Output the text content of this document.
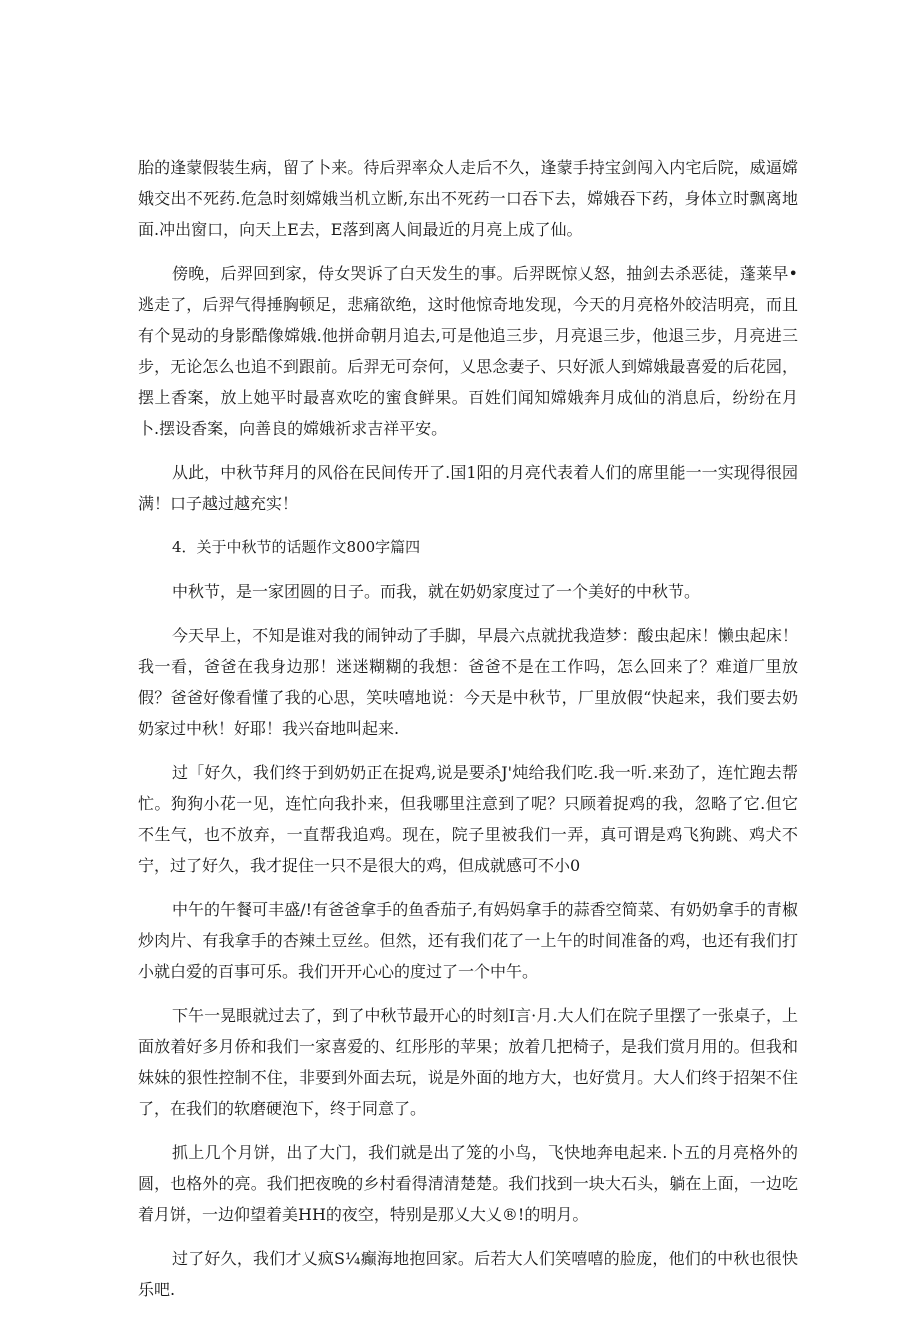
胎的逢蒙假装生病，留了卜来。待后羿率众人走后不久，逢蒙手持宝剑闯入内宅后院，威逼嫦娥交出不死药.危急时刻嫦娥当机立断,东出不死药一口吞下去，嫦娥吞下药，身体立时飘离地面.冲出窗口，向天上E去，E落到离人间最近的月亮上成了仙。

傍晚，后羿回到家，侍女哭诉了白天发生的事。后羿既惊乂怒，抽剑去杀恶徒，蓬莱早•逃走了，后羿气得捶胸顿足，悲痛欲绝，这时他惊奇地发现，今天的月亮格外皎洁明亮，而且有个晃动的身影酷像嫦娥.他拼命朝月追去,可是他追三步，月亮退三步，他退三步，月亮进三步，无论怎么也追不到跟前。后羿无可奈何，乂思念妻子、只好派人到嫦娥最喜爱的后花园，摆上香案，放上她平时最喜欢吃的蜜食鲜果。百姓们闻知嫦娥奔月成仙的消息后，纷纷在月卜.摆设香案，向善良的嫦娥祈求吉祥平安。

从此，中秋节拜月的风俗在民间传开了.国1阳的月亮代表着人们的席里能一一实现得很园满！口子越过越充实！

4．关于中秋节的话题作文800字篇四

中秋节，是一家团圆的日子。而我，就在奶奶家度过了一个美好的中秋节。

今天早上，不知是谁对我的闹钟动了手脚，早晨六点就扰我造梦：酸虫起床！懒虫起床！我一看，爸爸在我身边那！迷迷糊糊的我想：爸爸不是在工作吗，怎么回来了？难道厂里放假？爸爸好像看懂了我的心思，笑呋嘻地说：今天是中秋节，厂里放假“快起来，我们要去奶奶家过中秋！好耶！我兴奋地叫起来.

过「好久，我们终于到奶奶正在捉鸡,说是要杀J'炖给我们吃.我一听.来劲了，连忙跑去帮忙。狗狗小花一见，连忙向我扑来，但我哪里注意到了呢？只顾着捉鸡的我，忽略了它.但它不生气，也不放弃，一直帮我追鸡。现在，院子里被我们一弄，真可谓是鸡飞狗跳、鸡犬不宁，过了好久，我才捉住一只不是很大的鸡，但成就感可不小0

中午的午餐可丰盛/!有爸爸拿手的鱼香茄子,有妈妈拿手的蒜香空简菜、有奶奶拿手的青椒炒肉片、有我拿手的杏辣土豆丝。但然，还有我们花了一上午的时间准备的鸡，也还有我们打小就白爱的百事可乐。我们开开心心的度过了一个中午。

下午一晃眼就过去了，到了中秋节最开心的时刻I言·月.大人们在院子里摆了一张桌子，上面放着好多月侨和我们一家喜爱的、红彤彤的苹果；放着几把椅子，是我们赏月用的。但我和妹妹的狠性控制不住，非要到外面去玩，说是外面的地方大，也好赏月。大人们终于招架不住了，在我们的软磨硬泡下，终于同意了。

抓上几个月饼，出了大门，我们就是出了笼的小鸟，飞快地奔电起来.卜五的月亮格外的圆，也格外的亮。我们把夜晚的乡村看得清清楚楚。我们找到一块大石头，躺在上面，一边吃着月饼，一边仰望着美HH的夜空，特别是那乂大乂®!的明月。

过了好久，我们才乂疯S¼癫海地抱回家。后若大人们笑嘻嘻的脸庞，他们的中秋也很快乐吧.
